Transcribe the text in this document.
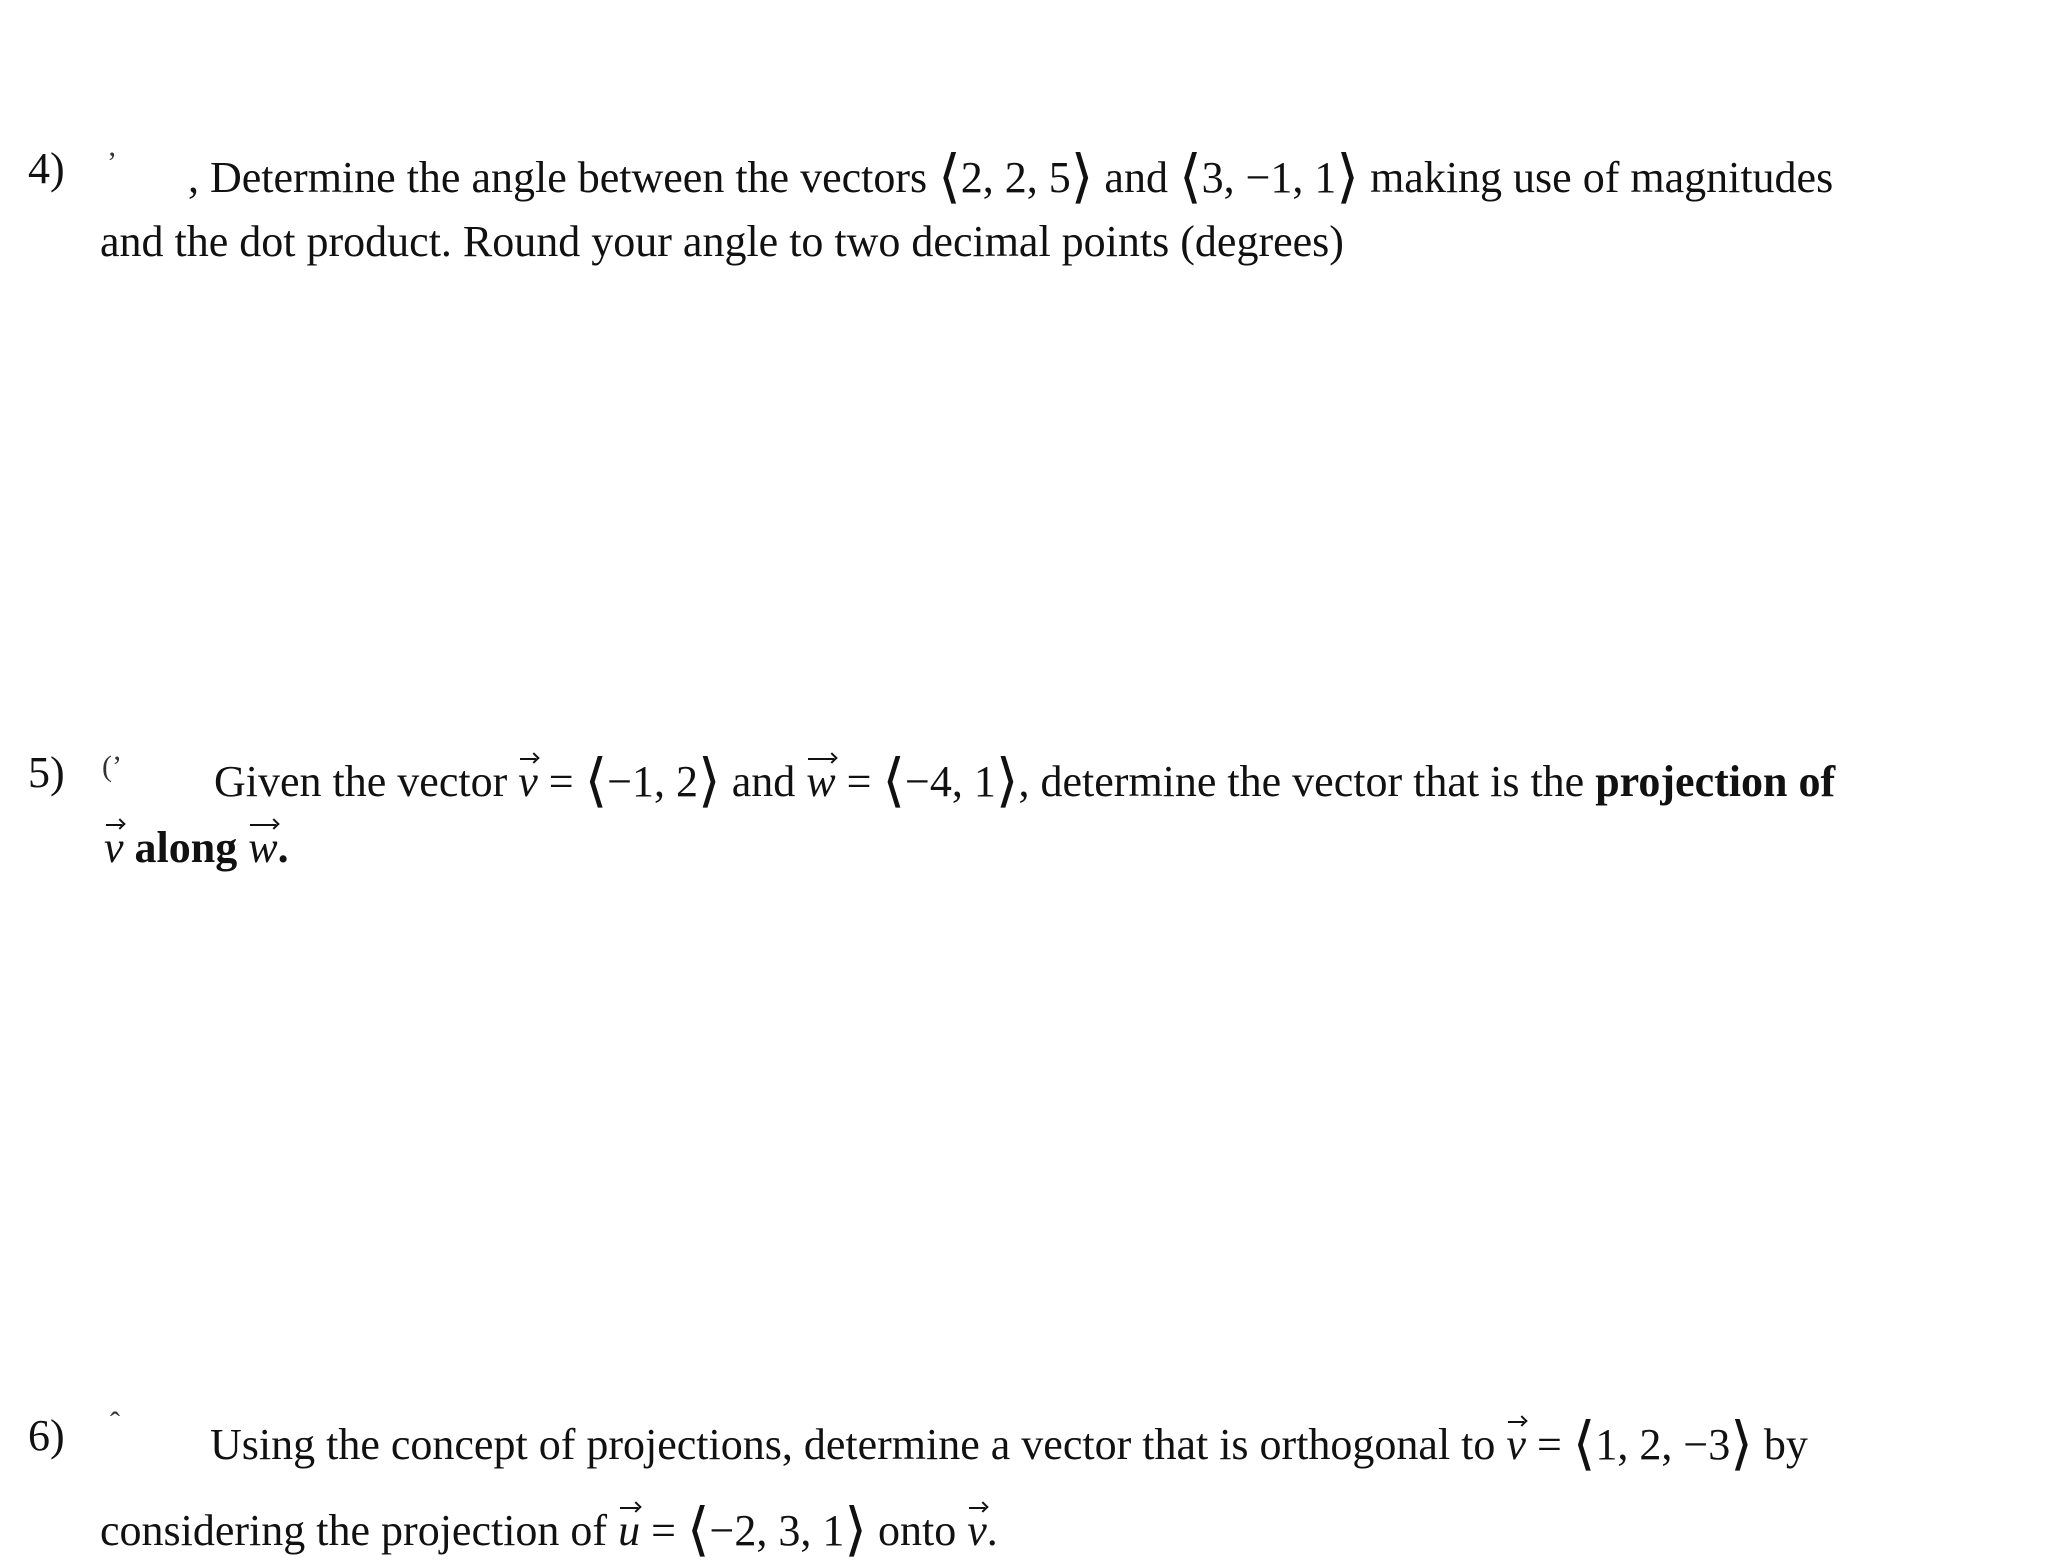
4) ’ , Determine the angle between the vectors ⟨2, 2, 5⟩ and ⟨3, −1, 1⟩ making use of magnitudes
and the dot product. Round your angle to two decimal points (degrees)
5) (’ Given the vector v = ⟨−1, 2⟩ and w = ⟨−4, 1⟩, determine the vector that is the projection of
v along w.
6) ˆ Using the concept of projections, determine a vector that is orthogonal to v = ⟨1, 2, −3⟩ by
considering the projection of u = ⟨−2, 3, 1⟩ onto v.
